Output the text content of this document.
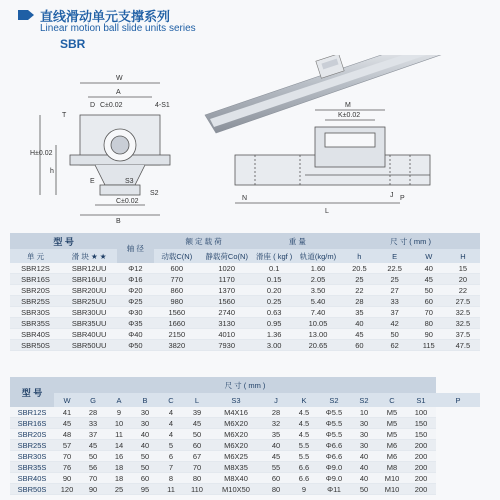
直线滑动单元支撑系列
Linear motion ball slide units series
SBR
W
A
D C±0.02	4-S1
T
H±0.02
h
E	S3
S2
C±0.02
B
M
K±0.02
J
N
L
P
型 号		轴 径	额 定 载 荷		重 量		尺 寸 ( mm )			
单 元	滑 块 ★ ★		动载C(N)	静载荷Co(N)	滑座 ( kgf )	轨道(kg/m)	h	E	W	H
SBR12S	SBR12UU	Φ12	600	1020	0.1	1.60	20.5	22.5	40	15
SBR16S	SBR16UU	Φ16	770	1170	0.15	2.05	25	25	45	20
SBR20S	SBR20UU	Φ20	860	1370	0.20	3.50	22	27	50	22
SBR25S	SBR25UU	Φ25	980	1560	0.25	5.40	28	33	60	27.5
SBR30S	SBR30UU	Φ30	1560	2740	0.63	7.40	35	37	70	32.5
SBR35S	SBR35UU	Φ35	1660	3130	0.95	10.05	40	42	80	32.5
SBR40S	SBR40UU	Φ40	2150	4010	1.36	13.00	45	50	90	37.5
SBR50S	SBR50UU	Φ50	3820	7930	3.00	20.65	60	62	115	47.5
型 号	尺 寸 ( mm )													
	W	G	A	B	C	L	S3	J	K	S2	S2	C	S1	P
SBR12S	41	28	9	30	4	39	M4X16	28	4.5	Φ5.5	10	M5	100	
SBR16S	45	33	10	30	4	45	M6X20	32	4.5	Φ5.5	30	M5	150	
SBR20S	48	37	11	40	4	50	M6X20	35	4.5	Φ5.5	30	M5	150	
SBR25S	57	45	14	40	5	60	M6X20	40	5.5	Φ6.6	30	M6	200	
SBR30S	70	50	16	50	6	67	M6X25	45	5.5	Φ6.6	40	M6	200	
SBR35S	76	56	18	50	7	70	M8X35	55	6.6	Φ9.0	40	M8	200	
SBR40S	90	70	18	60	8	80	M8X40	60	6.6	Φ9.0	40	M10	200	
SBR50S	120	90	25	95	11	110	M10X50	80	9	Φ11	50	M10	200	
